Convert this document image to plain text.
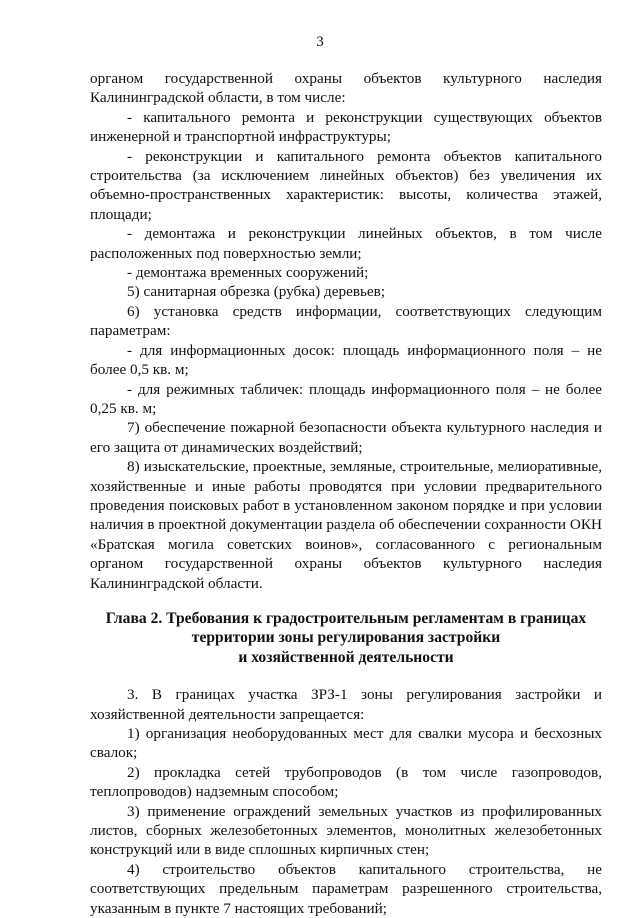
3

органом государственной охраны объектов культурного наследия Калининградской области, в том числе:

- капитального ремонта и реконструкции существующих объектов инженерной и транспортной инфраструктуры;

- реконструкции и капитального ремонта объектов капитального строительства (за исключением линейных объектов) без увеличения их объемно-пространственных характеристик: высоты, количества этажей, площади;

- демонтажа и реконструкции линейных объектов, в том числе расположенных под поверхностью земли;

- демонтажа временных сооружений;

5) санитарная обрезка (рубка) деревьев;

6) установка средств информации, соответствующих следующим параметрам:

- для информационных досок: площадь информационного поля – не более 0,5 кв. м;

- для режимных табличек: площадь информационного поля – не более 0,25 кв. м;

7) обеспечение пожарной безопасности объекта культурного наследия и его защита от динамических воздействий;

8) изыскательские, проектные, земляные, строительные, мелиоративные, хозяйственные и иные работы проводятся при условии предварительного проведения поисковых работ в установленном законом порядке и при условии наличия в проектной документации раздела об обеспечении сохранности ОКН «Братская могила советских воинов», согласованного с региональным органом государственной охраны объектов культурного наследия Калининградской области.

Глава 2. Требования к градостроительным регламентам в границах
территории зоны регулирования застройки
и хозяйственной деятельности

3. В границах участка ЗРЗ-1 зоны регулирования застройки и хозяйственной деятельности запрещается:

1) организация необорудованных мест для свалки мусора и бесхозных свалок;

2) прокладка сетей трубопроводов (в том числе газопроводов, теплопроводов) надземным способом;

3) применение ограждений земельных участков из профилированных листов, сборных железобетонных элементов, монолитных железобетонных конструкций или в виде сплошных кирпичных стен;

4) строительство объектов капитального строительства, не соответствующих предельным параметрам разрешенного строительства, указанным в пункте 7 настоящих требований;
